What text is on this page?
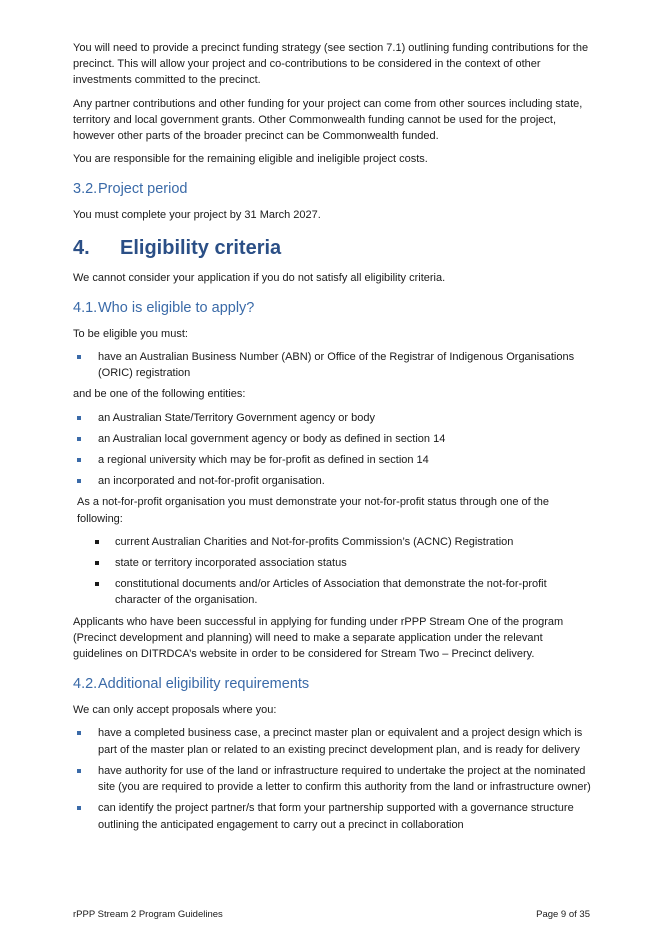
You will need to provide a precinct funding strategy (see section 7.1) outlining funding contributions for the precinct. This will allow your project and co-contributions to be considered in the context of other investments committed to the precinct.

Any partner contributions and other funding for your project can come from other sources including state, territory and local government grants. Other Commonwealth funding cannot be used for the project, however other parts of the broader precinct can be Commonwealth funded.

You are responsible for the remaining eligible and ineligible project costs.

3.2. Project period

You must complete your project by 31 March 2027.

4.	Eligibility criteria

We cannot consider your application if you do not satisfy all eligibility criteria.

4.1. Who is eligible to apply?

To be eligible you must:

have an Australian Business Number (ABN) or Office of the Registrar of Indigenous Organisations (ORIC) registration

and be one of the following entities:

an Australian State/Territory Government agency or body
an Australian local government agency or body as defined in section 14
a regional university which may be for-profit as defined in section 14
an incorporated and not-for-profit organisation.

As a not-for-profit organisation you must demonstrate your not-for-profit status through one of the following:

current Australian Charities and Not-for-profits Commission’s (ACNC) Registration
state or territory incorporated association status
constitutional documents and/or Articles of Association that demonstrate the not-for-profit character of the organisation.

Applicants who have been successful in applying for funding under rPPP Stream One of the program (Precinct development and planning) will need to make a separate application under the relevant guidelines on DITRDCA’s website in order to be considered for Stream Two – Precinct delivery.

4.2. Additional eligibility requirements

We can only accept proposals where you:

have a completed business case, a precinct master plan or equivalent and a project design which is part of the master plan or related to an existing precinct development plan, and is ready for delivery
have authority for use of the land or infrastructure required to undertake the project at the nominated site (you are required to provide a letter to confirm this authority from the land or infrastructure owner)
can identify the project partner/s that form your partnership supported with a governance structure outlining the anticipated engagement to carry out a precinct in collaboration
rPPP Stream 2 Program Guidelines	Page 9 of 35
